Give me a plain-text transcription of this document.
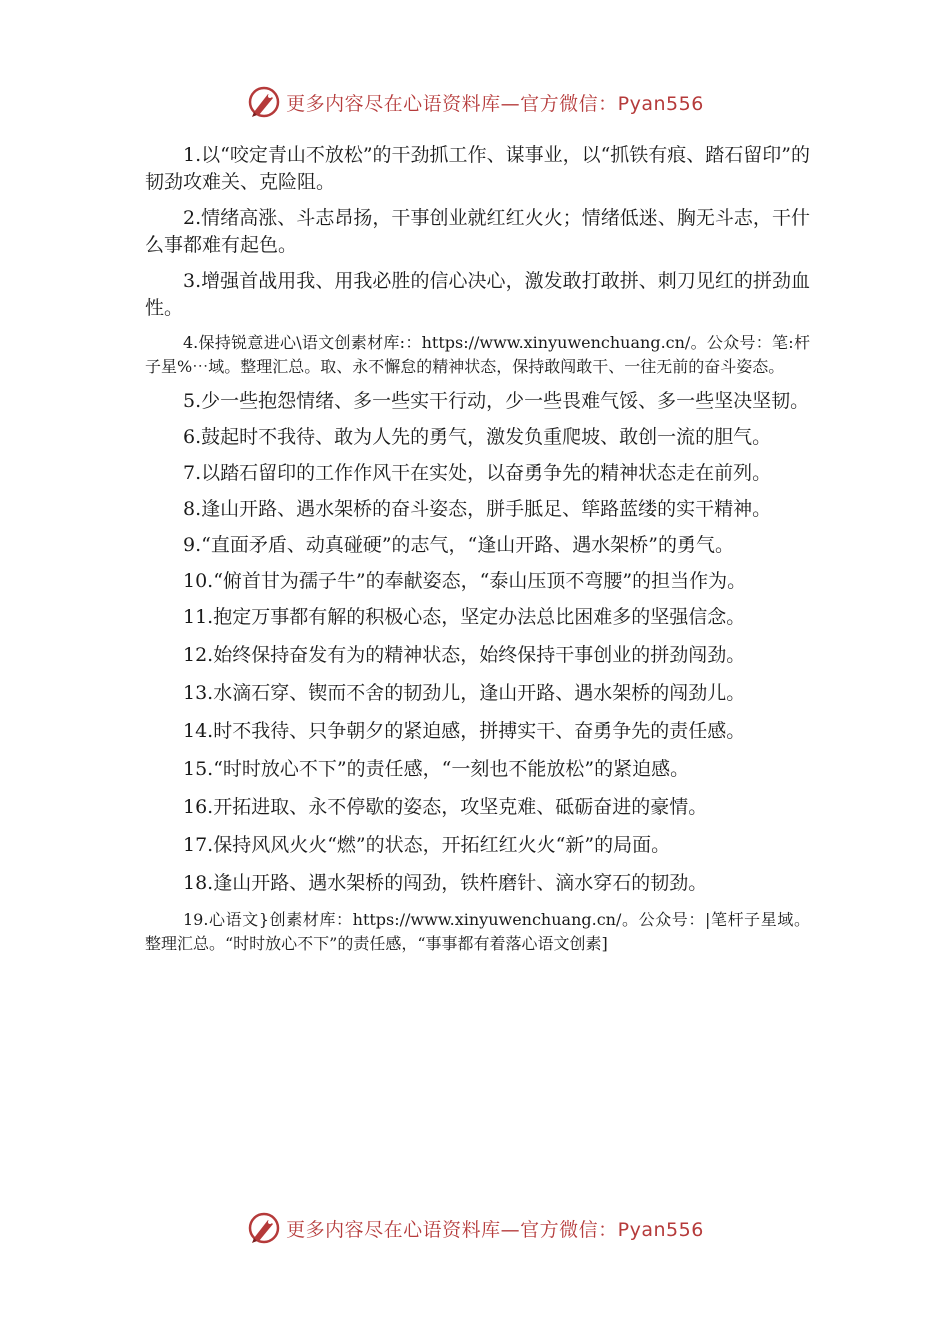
更多内容尽在心语资料库—官方微信：Pyan556

1.以“咬定青山不放松”的干劲抓工作、谋事业，以“抓铁有痕、踏石留印”的韧劲攻难关、克险阻。

2.情绪高涨、斗志昂扬，干事创业就红红火火；情绪低迷、胸无斗志，干什么事都难有起色。

3.增强首战用我、用我必胜的信心决心，激发敢打敢拼、刺刀见红的拼劲血性。

4.保持锐意进心\语文创素材库:：https://www.xinyuwenchuang.cn/。公众号：笔:杆子星%⋯域。整理汇总。取、永不懈怠的精神状态，保持敢闯敢干、一往无前的奋斗姿态。

5.少一些抱怨情绪、多一些实干行动，少一些畏难气馁、多一些坚决坚韧。

6.鼓起时不我待、敢为人先的勇气，激发负重爬坡、敢创一流的胆气。

7.以踏石留印的工作作风干在实处，以奋勇争先的精神状态走在前列。

8.逢山开路、遇水架桥的奋斗姿态，胼手胝足、筚路蓝缕的实干精神。

9.“直面矛盾、动真碰硬”的志气，“逢山开路、遇水架桥”的勇气。

10.“俯首甘为孺子牛”的奉献姿态，“泰山压顶不弯腰”的担当作为。

11.抱定万事都有解的积极心态，坚定办法总比困难多的坚强信念。

12.始终保持奋发有为的精神状态，始终保持干事创业的拼劲闯劲。

13.水滴石穿、锲而不舍的韧劲儿，逢山开路、遇水架桥的闯劲儿。

14.时不我待、只争朝夕的紧迫感，拼搏实干、奋勇争先的责任感。

15.“时时放心不下”的责任感，“一刻也不能放松”的紧迫感。

16.开拓进取、永不停歇的姿态，攻坚克难、砥砺奋进的豪情。

17.保持风风火火“燃”的状态，开拓红红火火“新”的局面。

18.逢山开路、遇水架桥的闯劲，铁杵磨针、滴水穿石的韧劲。

19.心语文}创素材库：https://www.xinyuwenchuang.cn/。公众号：|笔杆子星域。整理汇总。“时时放心不下”的责任感，“事事都有着落心语文创素]

更多内容尽在心语资料库—官方微信：Pyan556
